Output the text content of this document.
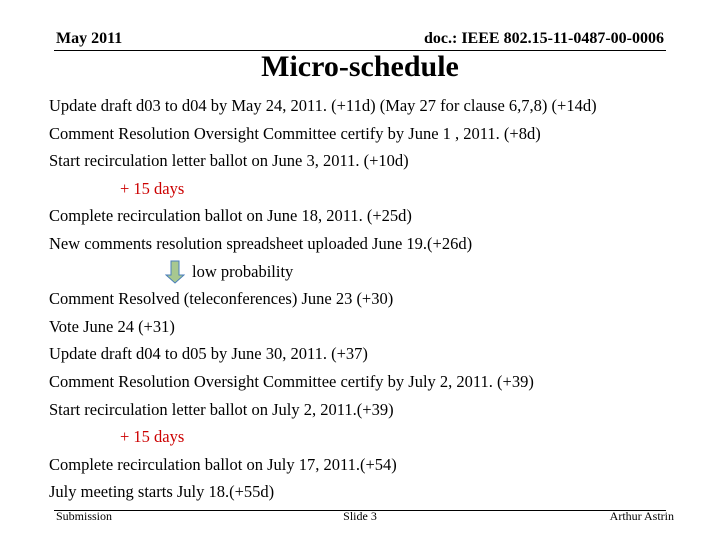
May 2011	doc.: IEEE 802.15-11-0487-00-0006
Micro-schedule
Update draft d03 to d04 by May 24, 2011. (+11d) (May 27 for clause 6,7,8) (+14d)
Comment Resolution Oversight Committee certify by June 1 , 2011. (+8d)
Start recirculation letter ballot on June 3, 2011. (+10d)
+ 15 days
Complete recirculation ballot on June 18, 2011. (+25d)
New comments resolution spreadsheet uploaded June 19.(+26d)
low probability
Comment Resolved (teleconferences) June 23 (+30)
Vote June 24 (+31)
Update draft d04 to d05 by June 30, 2011. (+37)
Comment Resolution Oversight Committee certify by July 2, 2011. (+39)
Start recirculation letter ballot on July 2, 2011.(+39)
+ 15 days
Complete recirculation ballot on July 17, 2011.(+54)
July meeting starts July 18.(+55d)
Submission	Slide 3	Arthur Astrin
